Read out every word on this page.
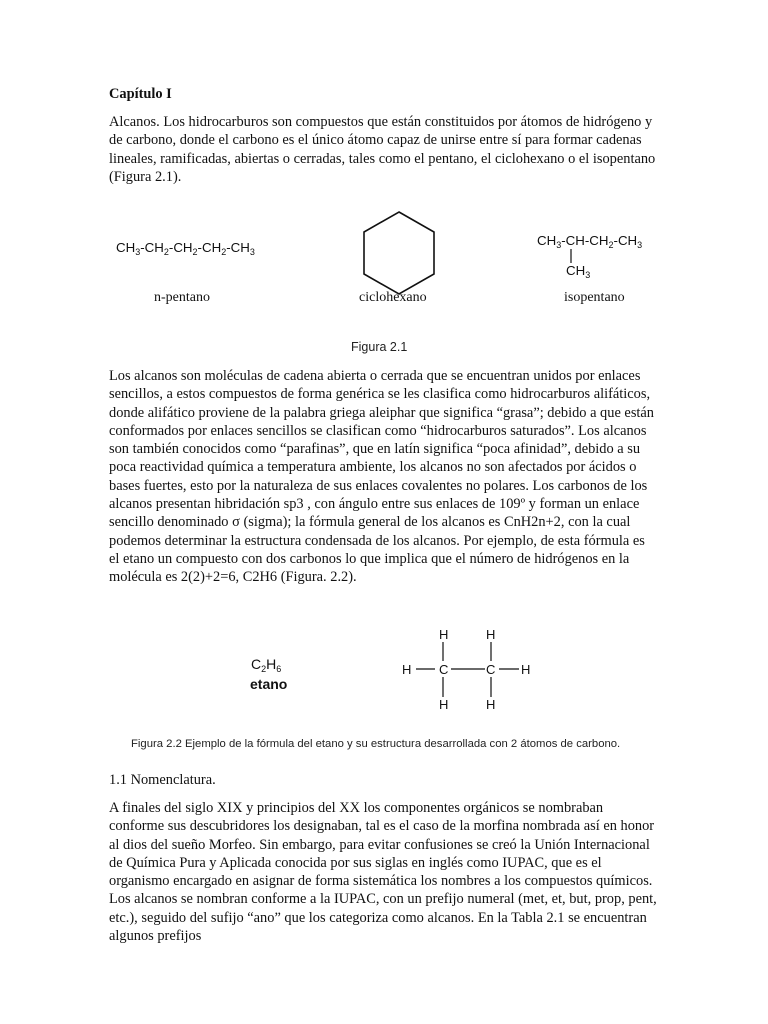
Capítulo I

Alcanos. Los hidrocarburos son compuestos que están constituidos por átomos de hidrógeno y de carbono, donde el carbono es el único átomo capaz de unirse entre sí para formar cadenas lineales, ramificadas, abiertas o cerradas, tales como el pentano, el ciclohexano o el isopentano (Figura 2.1).

$CH_3-CH_2-CH_2-CH_2-CH_3$
$CH_3-CH-CH_2-CH_3$
$CH_3$
n-pentano	ciclohexano	isopentano
Figura 2.1

Los alcanos son moléculas de cadena abierta o cerrada que se encuentran unidos por enlaces sencillos, a estos compuestos de forma genérica se les clasifica como hidrocarburos alifáticos, donde alifático proviene de la palabra griega aleiphar que significa “grasa”; debido a que están conformados por enlaces sencillos se clasifican como “hidrocarburos saturados”. Los alcanos son también conocidos como “parafinas”, que en latín significa “poca afinidad”, debido a su poca reactividad química a temperatura ambiente, los alcanos no son afectados por ácidos o bases fuertes, esto por la naturaleza de sus enlaces covalentes no polares. Los carbonos de los alcanos presentan hibridación sp3 , con ángulo entre sus enlaces de 109º y forman un enlace sencillo denominado σ (sigma); la fórmula general de los alcanos es CnH2n+2, con la cual podemos determinar la estructura condensada de los alcanos. Por ejemplo, de esta fórmula es el etano un compuesto con dos carbonos lo que implica que el número de hidrógenos en la molécula es 2(2)+2=6, C2H6 (Figura. 2.2).

$C_2H_6$
etano
H	H
H C	C H
H	H
Figura 2.2 Ejemplo de la fórmula del etano y su estructura desarrollada con 2 átomos de carbono.

1.1 Nomenclatura.

A finales del siglo XIX y principios del XX los componentes orgánicos se nombraban conforme sus descubridores los designaban, tal es el caso de la morfina nombrada así en honor al dios del sueño Morfeo. Sin embargo, para evitar confusiones se creó la Unión Internacional de Química Pura y Aplicada conocida por sus siglas en inglés como IUPAC, que es el organismo encargado en asignar de forma sistemática los nombres a los compuestos químicos. Los alcanos se nombran conforme a la IUPAC, con un prefijo numeral (met, et, but, prop, pent, etc.), seguido del sufijo “ano” que los categoriza como alcanos. En la Tabla 2.1 se encuentran algunos prefijos
